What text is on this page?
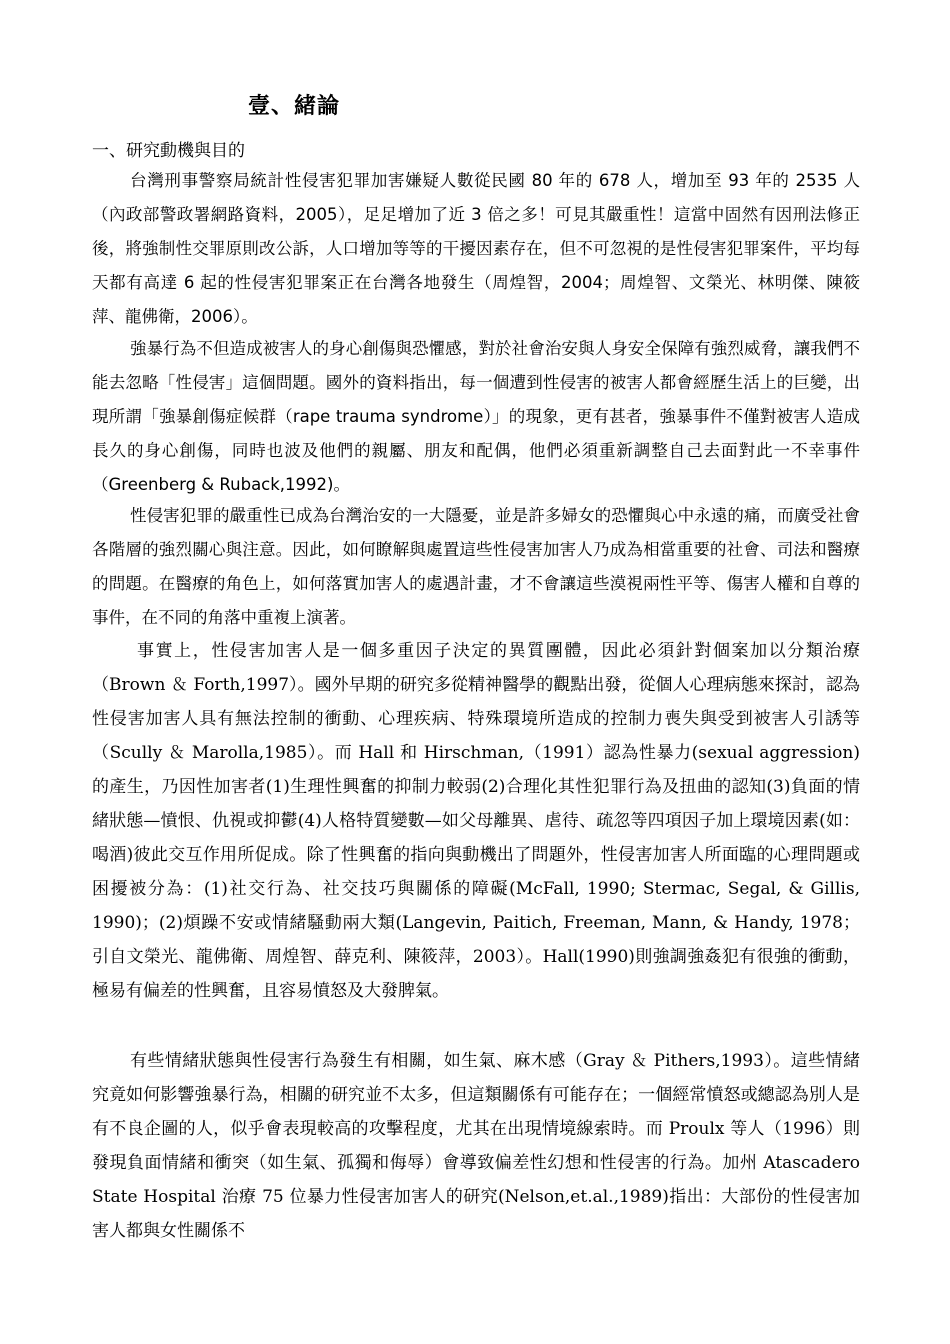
壹、緒論
一、研究動機與目的

台灣刑事警察局統計性侵害犯罪加害嫌疑人數從民國 80 年的 678 人，增加至 93 年的 2535 人（內政部警政署網路資料，2005），足足增加了近 3 倍之多！可見其嚴重性！這當中固然有因刑法修正後，將強制性交罪原則改公訴，人口增加等等的干擾因素存在，但不可忽視的是性侵害犯罪案件，平均每天都有高達 6 起的性侵害犯罪案正在台灣各地發生（周煌智，2004；周煌智、文榮光、林明傑、陳筱萍、龍佛衛，2006）。

強暴行為不但造成被害人的身心創傷與恐懼感，對於社會治安與人身安全保障有強烈威脅，讓我們不能去忽略「性侵害」這個問題。國外的資料指出，每一個遭到性侵害的被害人都會經歷生活上的巨變，出現所謂「強暴創傷症候群（rape trauma syndrome）」的現象，更有甚者，強暴事件不僅對被害人造成長久的身心創傷，同時也波及他們的親屬、朋友和配偶，他們必須重新調整自己去面對此一不幸事件（Greenberg & Ruback,1992)。

性侵害犯罪的嚴重性已成為台灣治安的一大隱憂，並是許多婦女的恐懼與心中永遠的痛，而廣受社會各階層的強烈關心與注意。因此，如何瞭解與處置這些性侵害加害人乃成為相當重要的社會、司法和醫療的問題。在醫療的角色上，如何落實加害人的處遇計畫，才不會讓這些漠視兩性平等、傷害人權和自尊的事件，在不同的角落中重複上演著。

事實上，性侵害加害人是一個多重因子決定的異質團體，因此必須針對個案加以分類治療（Brown ＆ Forth,1997）。國外早期的研究多從精神醫學的觀點出發，從個人心理病態來探討，認為性侵害加害人具有無法控制的衝動、心理疾病、特殊環境所造成的控制力喪失與受到被害人引誘等（Scully ＆ Marolla,1985）。而 Hall 和 Hirschman,（1991）認為性暴力(sexual aggression)的產生，乃因性加害者(1)生理性興奮的抑制力較弱(2)合理化其性犯罪行為及扭曲的認知(3)負面的情緒狀態—憤恨、仇視或抑鬱(4)人格特質變數—如父母離異、虐待、疏忽等四項因子加上環境因素(如：喝酒)彼此交互作用所促成。除了性興奮的指向與動機出了問題外，性侵害加害人所面臨的心理問題或困擾被分為：(1)社交行為、社交技巧與關係的障礙(McFall, 1990; Stermac, Segal, & Gillis, 1990)；(2)煩躁不安或情緒騷動兩大類(Langevin, Paitich, Freeman, Mann, & Handy, 1978；引自文榮光、龍佛衛、周煌智、薛克利、陳筱萍，2003）。Hall(1990)則強調強姦犯有很強的衝動，極易有偏差的性興奮，且容易憤怒及大發脾氣。

有些情緒狀態與性侵害行為發生有相關，如生氣、麻木感（Gray ＆ Pithers,1993）。這些情緒究竟如何影響強暴行為，相關的研究並不太多，但這類關係有可能存在；一個經常憤怒或總認為別人是有不良企圖的人，似乎會表現較高的攻擊程度，尤其在出現情境線索時。而 Proulx 等人（1996）則發現負面情緒和衝突（如生氣、孤獨和侮辱）會導致偏差性幻想和性侵害的行為。加州 Atascadero State Hospital 治療 75 位暴力性侵害加害人的研究(Nelson,et.al.,1989)指出：大部份的性侵害加害人都與女性關係不
